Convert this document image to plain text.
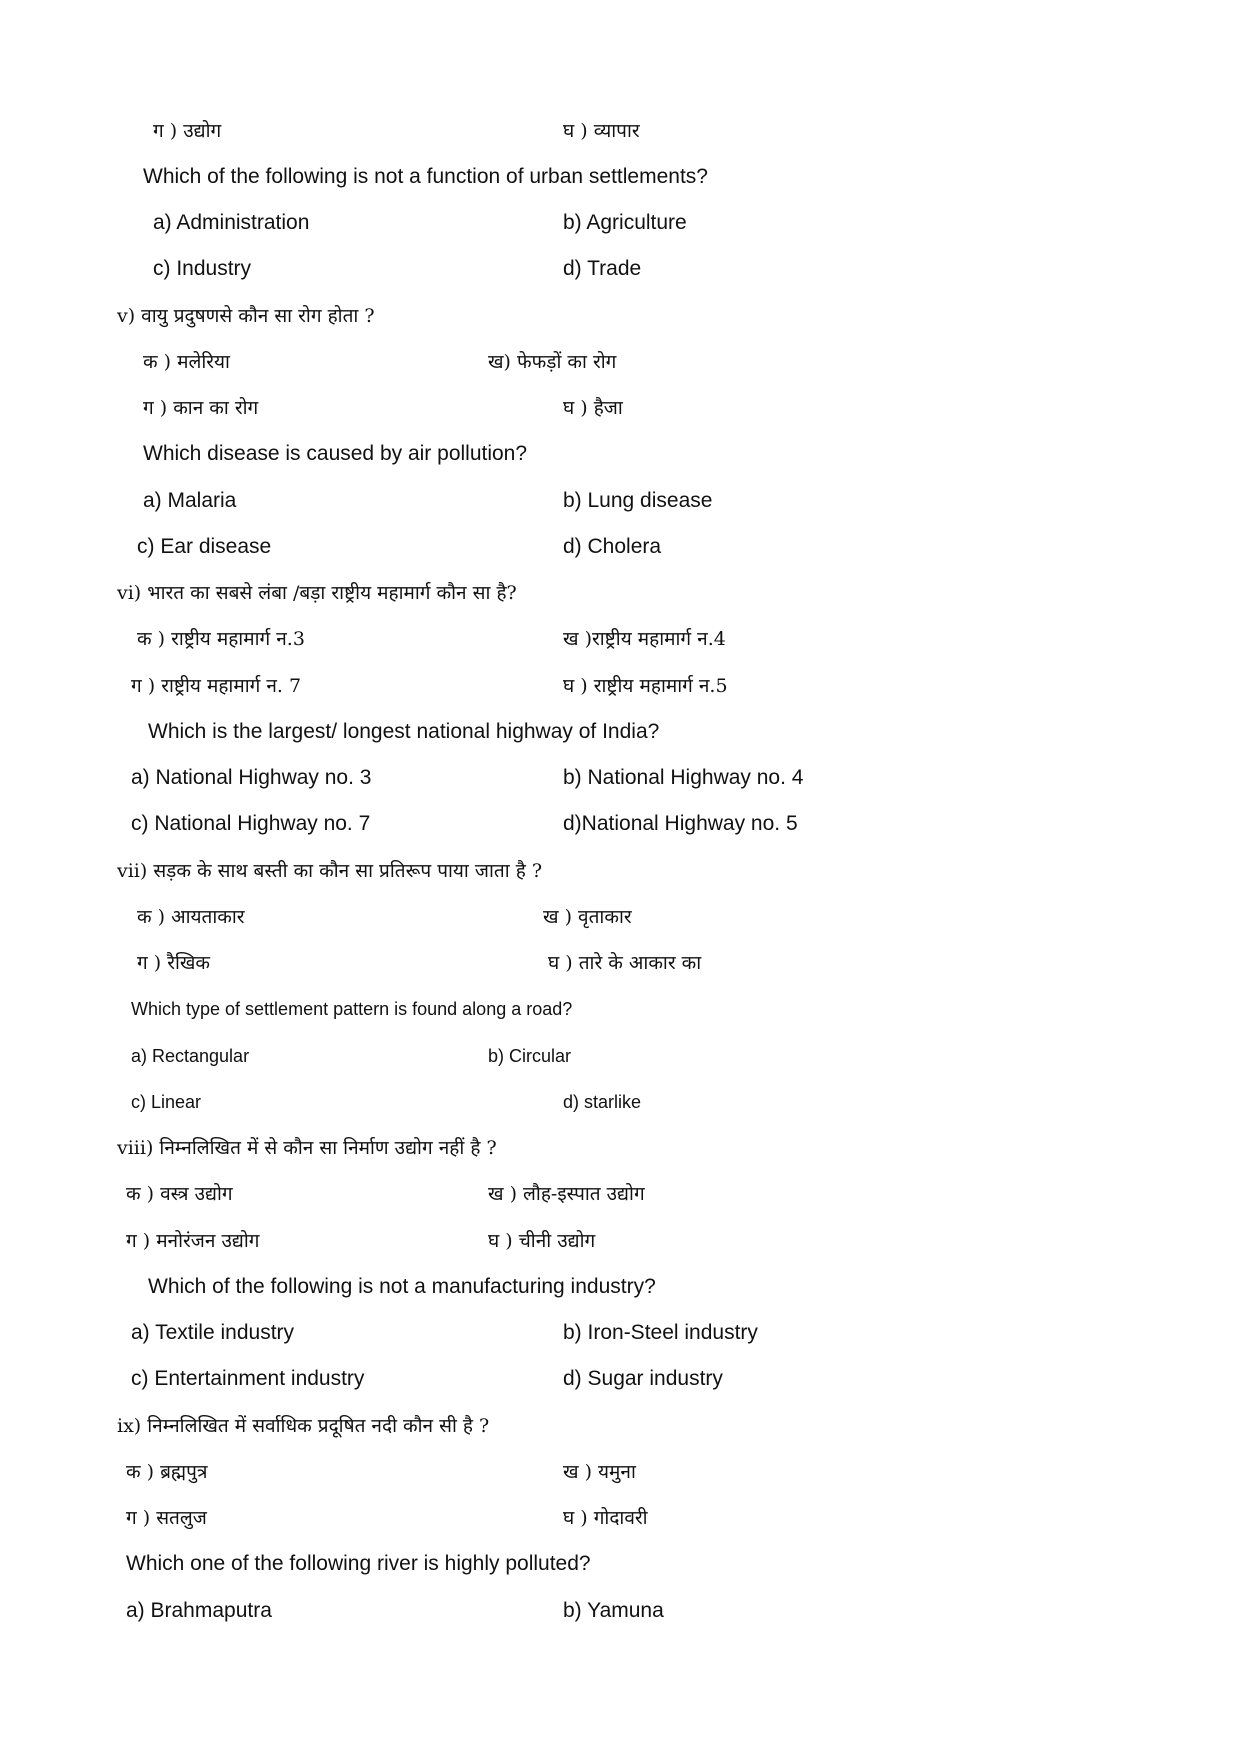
ग ) उद्योग	घ ) व्यापार
Which of the following is not a function of urban settlements?
a) Administration	b) Agriculture
c) Industry	d) Trade
v) वायु प्रदुषणसे कौन सा रोग होता ?
क ) मलेरिया	ख) फेफड़ों का रोग
ग ) कान का रोग	घ ) हैजा
Which disease is caused by air pollution?
a) Malaria	b) Lung disease
c) Ear disease	d) Cholera
vi) भारत का सबसे लंबा /बड़ा राष्ट्रीय महामार्ग कौन सा है?
क ) राष्ट्रीय महामार्ग न.3	ख )राष्ट्रीय महामार्ग न.4
ग ) राष्ट्रीय महामार्ग न. 7	घ ) राष्ट्रीय महामार्ग न.5
Which is the largest/ longest national highway of India?
a) National Highway no. 3	b) National Highway no. 4
c) National Highway no. 7	d)National Highway no. 5
vii) सड़क के साथ बस्ती का कौन सा प्रतिरूप पाया जाता है ?
क ) आयताकार	ख ) वृताकार
ग ) रैखिक	घ ) तारे के आकार का
Which type of settlement pattern is found along a road?
a) Rectangular	b) Circular
c) Linear	d) starlike
viii) निम्नलिखित में से कौन सा निर्माण उद्योग नहीं है ?
क ) वस्त्र उद्योग	ख ) लौह-इस्पात उद्योग
ग ) मनोरंजन उद्योग	घ ) चीनी उद्योग
Which of the following is not a manufacturing industry?
a) Textile industry	b) Iron-Steel industry
c) Entertainment industry	d) Sugar industry
ix) निम्नलिखित में सर्वाधिक प्रदूषित नदी कौन सी है ?
क ) ब्रह्मपुत्र	ख ) यमुना
ग ) सतलुज	घ ) गोदावरी
Which one of the following river is highly polluted?
a) Brahmaputra	b) Yamuna
